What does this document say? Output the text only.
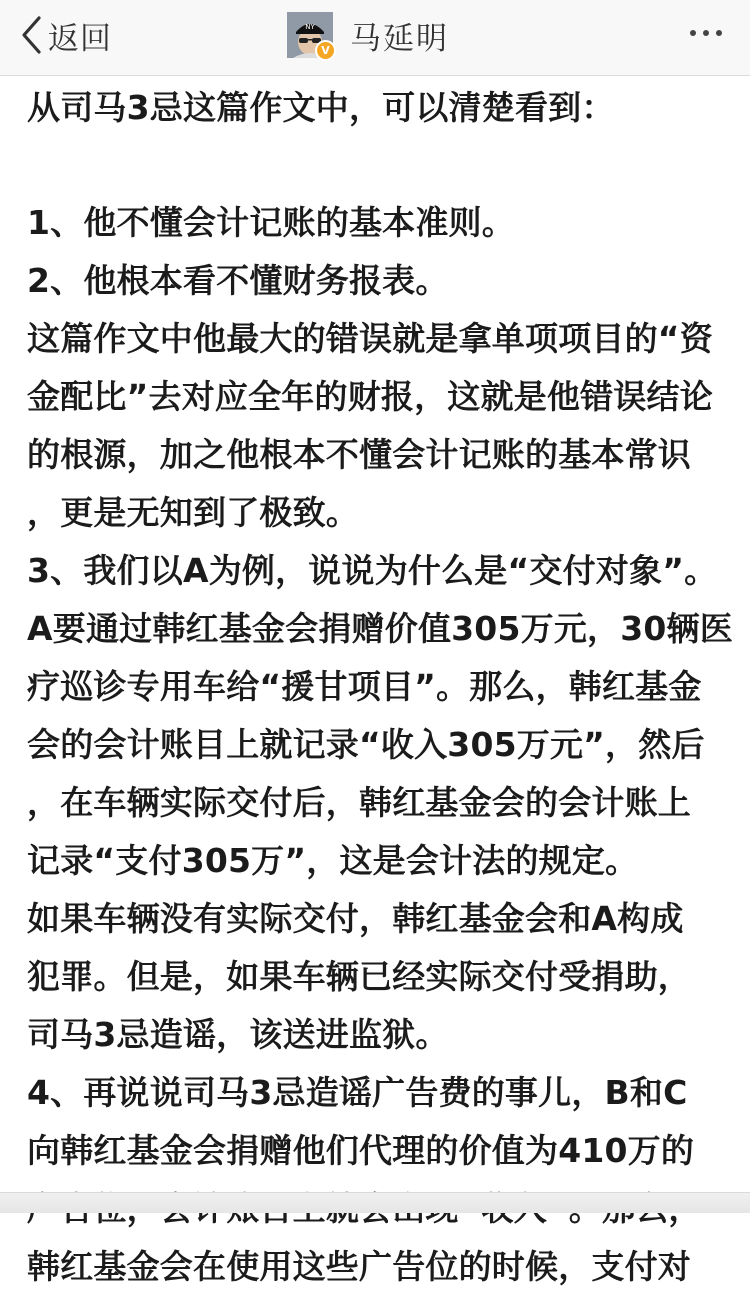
返回	NY
V 马延明
从司马3忌这篇作文中，可以清楚看到：
1、他不懂会计记账的基本准则。
2、他根本看不懂财务报表。
这篇作文中他最大的错误就是拿单项项目的“资
金配比”去对应全年的财报，这就是他错误结论
的根源，加之他根本不懂会计记账的基本常识
，更是无知到了极致。
3、我们以A为例，说说为什么是“交付对象”。
A要通过韩红基金会捐赠价值305万元，30辆医
疗巡诊专用车给“援甘项目”。那么，韩红基金
会的会计账目上就记录“收入305万元”，然后
，在车辆实际交付后，韩红基金会的会计账上
记录“支付305万”，这是会计法的规定。
如果车辆没有实际交付，韩红基金会和A构成
犯罪。但是，如果车辆已经实际交付受捐助，
司马3忌造谣，该送进监狱。
4、再说说司马3忌造谣广告费的事儿，B和C
向韩红基金会捐赠他们代理的价值为410万的
韩红基金会在使用这些广告位的时候，支付对
